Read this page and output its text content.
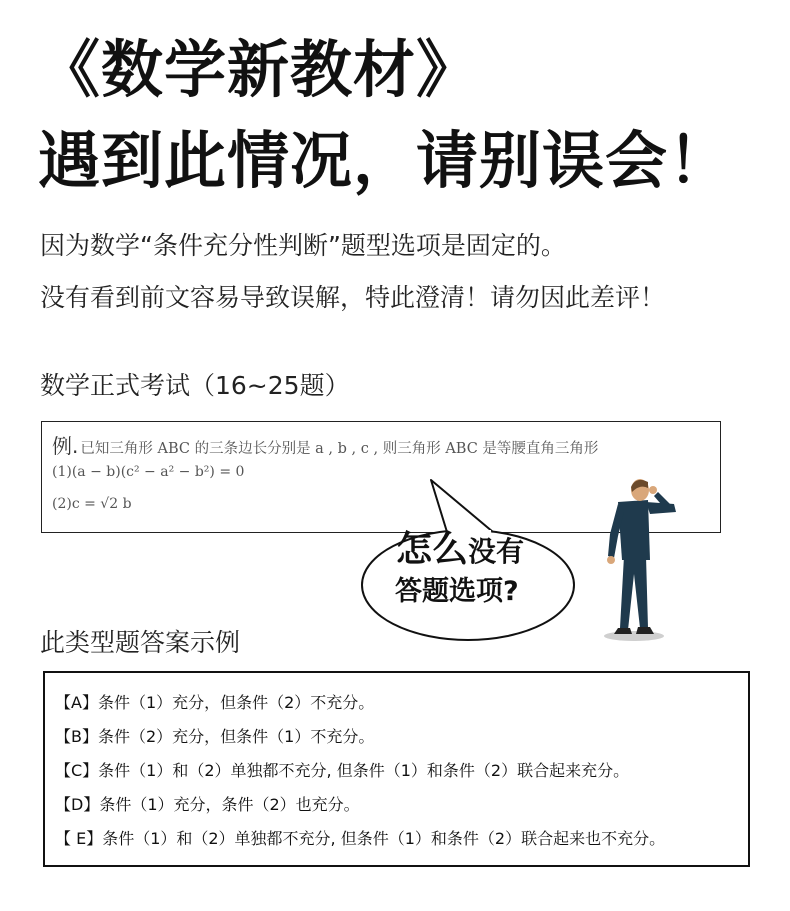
《数学新教材》
遇到此情况，请别误会！
因为数学“条件充分性判断”题型选项是固定的。
没有看到前文容易导致误解，特此澄清！请勿因此差评！
数学正式考试（16~25题）
例. 已知三角形 ABC 的三条边长分别是 a , b , c , 则三角形 ABC 是等腰直角三角形
(1)(a − b)(c² − a² − b²) = 0
(2)c = √2 b
怎么没有
答题选项?
此类型题答案示例
【A】条件（1）充分，但条件（2）不充分。
【B】条件（2）充分，但条件（1）不充分。
【C】条件（1）和（2）单独都不充分, 但条件（1）和条件（2）联合起来充分。
【D】条件（1）充分，条件（2）也充分。
【 E】条件（1）和（2）单独都不充分, 但条件（1）和条件（2）联合起来也不充分。
